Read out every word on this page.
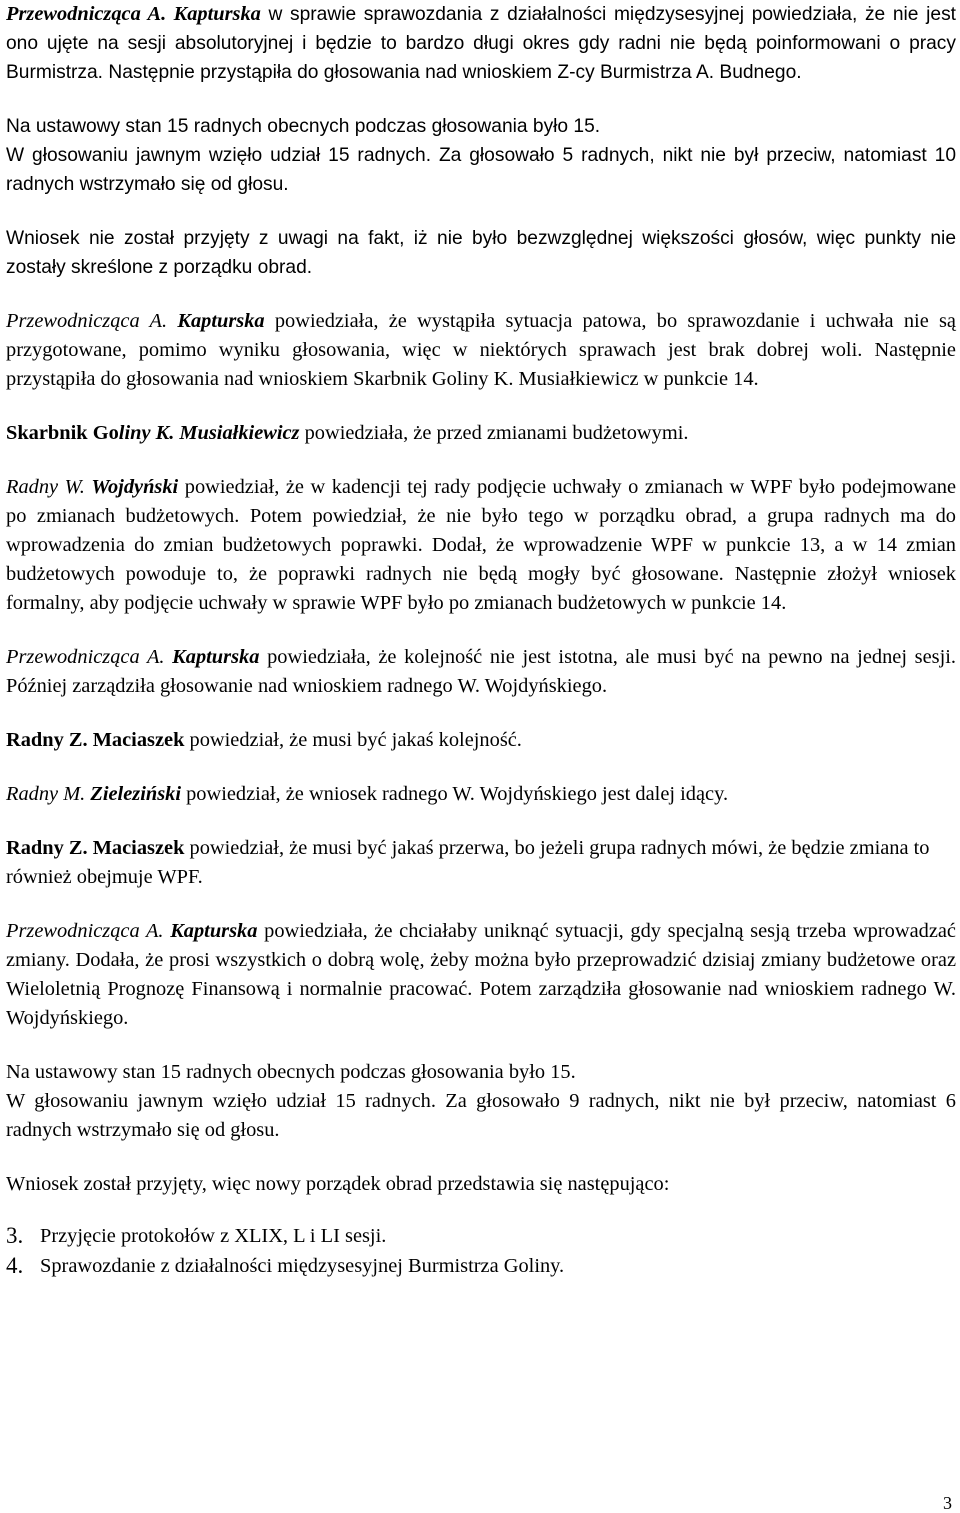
Przewodnicząca A. Kapturska w sprawie sprawozdania z działalności międzysesyjnej powiedziała, że nie jest ono ujęte na sesji absolutoryjnej i będzie to bardzo długi okres gdy radni nie będą poinformowani o pracy Burmistrza. Następnie przystąpiła do głosowania nad wnioskiem Z-cy Burmistrza A. Budnego.

Na ustawowy stan 15 radnych obecnych podczas głosowania było 15.

W głosowaniu jawnym wzięło udział 15 radnych. Za głosowało 5 radnych, nikt nie był przeciw, natomiast 10 radnych wstrzymało się od głosu.

Wniosek nie został przyjęty z uwagi na fakt, iż nie było bezwzględnej większości głosów, więc punkty nie zostały skreślone z porządku obrad.

Przewodnicząca A. Kapturska powiedziała, że wystąpiła sytuacja patowa, bo sprawozdanie i uchwała nie są przygotowane, pomimo wyniku głosowania, więc w niektórych sprawach jest brak dobrej woli. Następnie przystąpiła do głosowania nad wnioskiem Skarbnik Goliny K. Musiałkiewicz w punkcie 14.

Skarbnik Goliny K. Musiałkiewicz powiedziała, że przed zmianami budżetowymi.

Radny W. Wojdyński powiedział, że w kadencji tej rady podjęcie uchwały o zmianach w WPF było podejmowane po zmianach budżetowych. Potem powiedział, że nie było tego w porządku obrad, a grupa radnych ma do wprowadzenia do zmian budżetowych poprawki. Dodał, że wprowadzenie WPF w punkcie 13, a w 14 zmian budżetowych powoduje to, że poprawki radnych nie będą mogły być głosowane. Następnie złożył wniosek formalny, aby podjęcie uchwały w sprawie WPF było po zmianach budżetowych w punkcie 14.

Przewodnicząca A. Kapturska powiedziała, że kolejność nie jest istotna, ale musi być na pewno na jednej sesji. Później zarządziła głosowanie nad wnioskiem radnego W. Wojdyńskiego.

Radny Z. Maciaszek powiedział, że musi być jakaś kolejność.

Radny M. Zieleziński powiedział, że wniosek radnego W. Wojdyńskiego jest dalej idący.

Radny Z. Maciaszek powiedział, że musi być jakaś przerwa, bo jeżeli grupa radnych mówi, że będzie zmiana to również obejmuje WPF.

Przewodnicząca A. Kapturska powiedziała, że chciałaby uniknąć sytuacji, gdy specjalną sesją trzeba wprowadzać zmiany. Dodała, że prosi wszystkich o dobrą wolę, żeby można było przeprowadzić dzisiaj zmiany budżetowe oraz Wieloletnią Prognozę Finansową i normalnie pracować. Potem zarządziła głosowanie nad wnioskiem radnego W. Wojdyńskiego.

Na ustawowy stan 15 radnych obecnych podczas głosowania było 15.

W głosowaniu jawnym wzięło udział 15 radnych. Za głosowało 9 radnych, nikt nie był przeciw, natomiast 6 radnych wstrzymało się od głosu.

Wniosek został przyjęty, więc nowy porządek obrad przedstawia się następująco:

3. Przyjęcie protokołów z XLIX, L i LI sesji.
4. Sprawozdanie z działalności międzysesyjnej Burmistrza Goliny.
3
